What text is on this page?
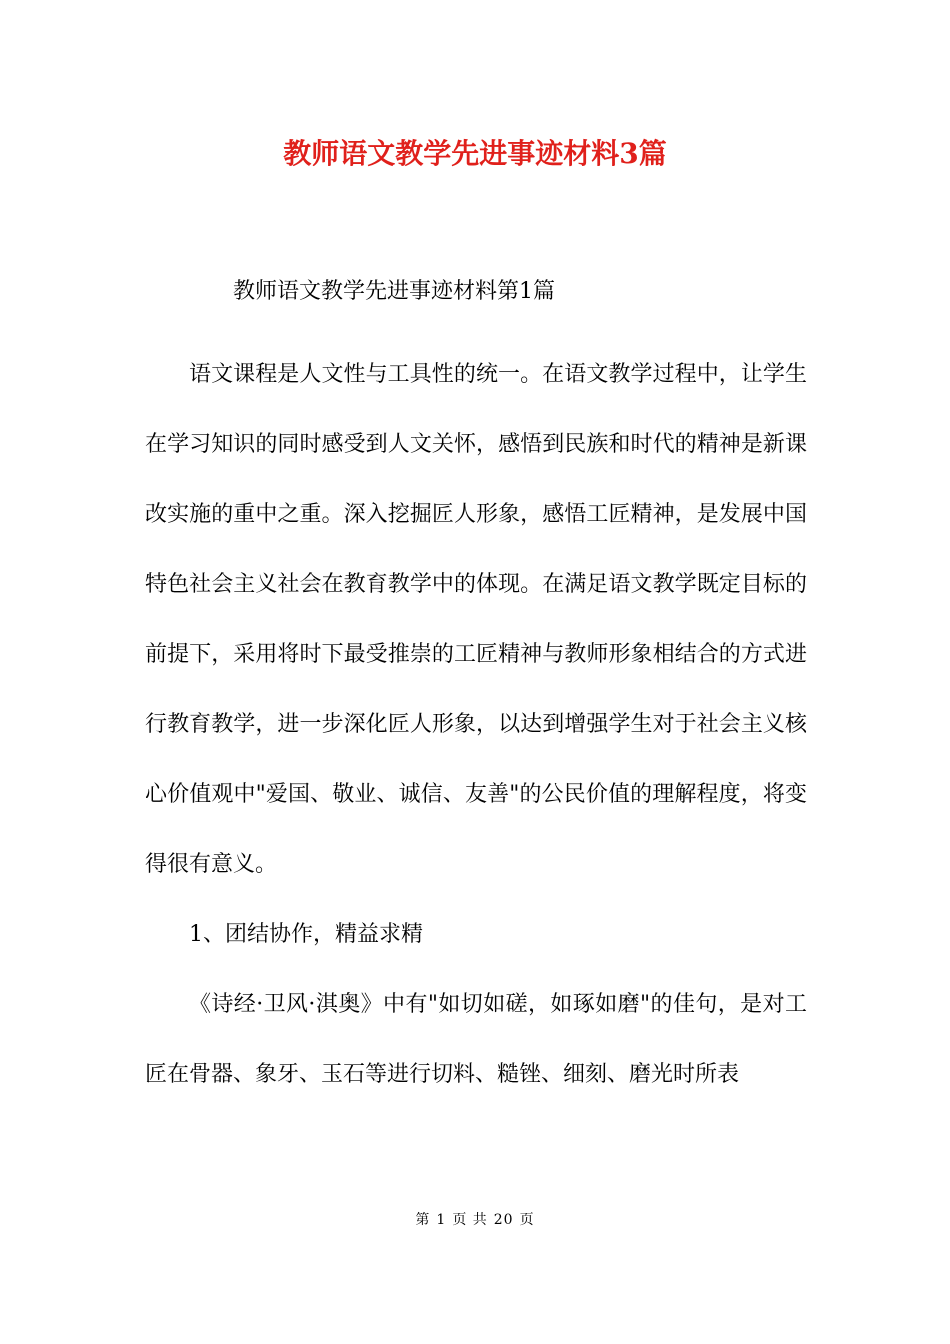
教师语文教学先进事迹材料3篇

教师语文教学先进事迹材料第1篇

语文课程是人文性与工具性的统一。在语文教学过程中，让学生在学习知识的同时感受到人文关怀，感悟到民族和时代的精神是新课改实施的重中之重。深入挖掘匠人形象，感悟工匠精神，是发展中国特色社会主义社会在教育教学中的体现。在满足语文教学既定目标的前提下，采用将时下最受推崇的工匠精神与教师形象相结合的方式进行教育教学，进一步深化匠人形象，以达到增强学生对于社会主义核心价值观中"爱国、敬业、诚信、友善"的公民价值的理解程度，将变得很有意义。

1、团结协作，精益求精

《诗经·卫风·淇奥》中有"如切如磋，如琢如磨"的佳句，是对工匠在骨器、象牙、玉石等进行切料、糙锉、细刻、磨光时所表

第 1 页 共 20 页
